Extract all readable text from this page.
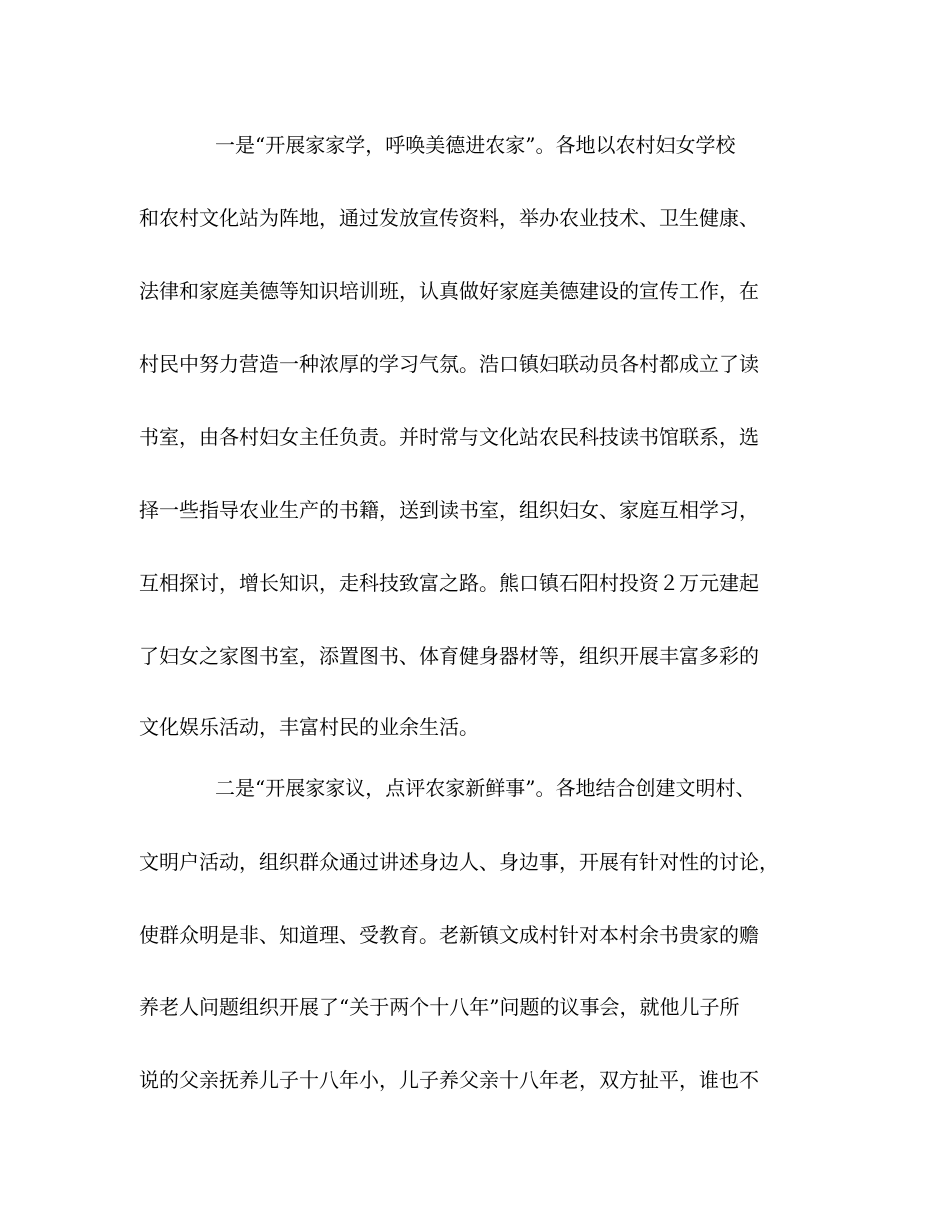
一是“开展家家学，呼唤美德进农家”。各地以农村妇女学校

和农村文化站为阵地，通过发放宣传资料，举办农业技术、卫生健康、

法律和家庭美德等知识培训班，认真做好家庭美德建设的宣传工作，在

村民中努力营造一种浓厚的学习气氛。浩口镇妇联动员各村都成立了读

书室，由各村妇女主任负责。并时常与文化站农民科技读书馆联系，选

择一些指导农业生产的书籍，送到读书室，组织妇女、家庭互相学习，

互相探讨，增长知识，走科技致富之路。熊口镇石阳村投资２万元建起

了妇女之家图书室，添置图书、体育健身器材等，组织开展丰富多彩的

文化娱乐活动，丰富村民的业余生活。

二是“开展家家议，点评农家新鲜事”。各地结合创建文明村、

文明户活动，组织群众通过讲述身边人、身边事，开展有针对性的讨论，

使群众明是非、知道理、受教育。老新镇文成村针对本村余书贵家的赡

养老人问题组织开展了“关于两个十八年”问题的议事会，就他儿子所

说的父亲抚养儿子十八年小，儿子养父亲十八年老，双方扯平，谁也不
